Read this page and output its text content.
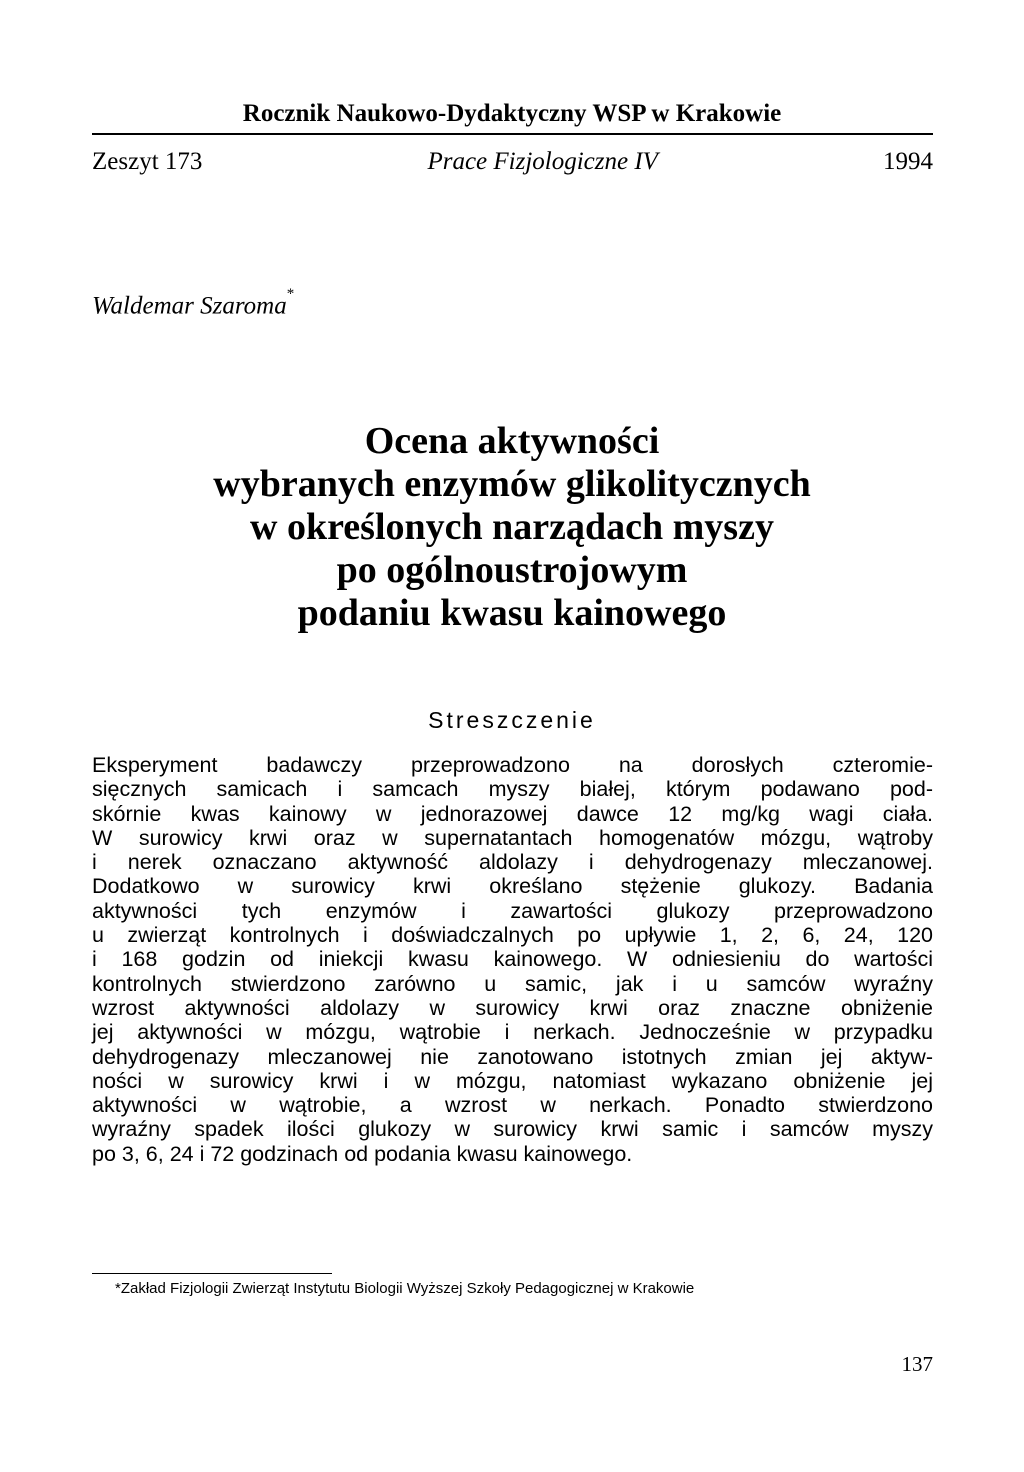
Rocznik Naukowo-Dydaktyczny WSP w Krakowie
Zeszyt 173	Prace Fizjologiczne IV	1994
Waldemar Szaroma*
Ocena aktywności
wybranych enzymów glikolitycznych
w określonych narządach myszy
po ogólnoustrojowym
podaniu kwasu kainowego
Streszczenie
Eksperyment badawczy przeprowadzono na dorosłych czteromie-
sięcznych samicach i samcach myszy białej, którym podawano pod-
skórnie kwas kainowy w jednorazowej dawce 12 mg/kg wagi ciała.
W surowicy krwi oraz w supernatantach homogenatów mózgu, wątroby
i nerek oznaczano aktywność aldolazy i dehydrogenazy mleczanowej.
Dodatkowo w surowicy krwi określano stężenie glukozy. Badania
aktywności tych enzymów i zawartości glukozy przeprowadzono
u zwierząt kontrolnych i doświadczalnych po upływie 1, 2, 6, 24, 120
i 168 godzin od iniekcji kwasu kainowego. W odniesieniu do wartości
kontrolnych stwierdzono zarówno u samic, jak i u samców wyraźny
wzrost aktywności aldolazy w surowicy krwi oraz znaczne obniżenie
jej aktywności w mózgu, wątrobie i nerkach. Jednocześnie w przypadku
dehydrogenazy mleczanowej nie zanotowano istotnych zmian jej aktyw-
ności w surowicy krwi i w mózgu, natomiast wykazano obniżenie jej
aktywności w wątrobie, a wzrost w nerkach. Ponadto stwierdzono
wyraźny spadek ilości glukozy w surowicy krwi samic i samców myszy
po 3, 6, 24 i 72 godzinach od podania kwasu kainowego.
*Zakład Fizjologii Zwierząt Instytutu Biologii Wyższej Szkoły Pedagogicznej w Krakowie
137
